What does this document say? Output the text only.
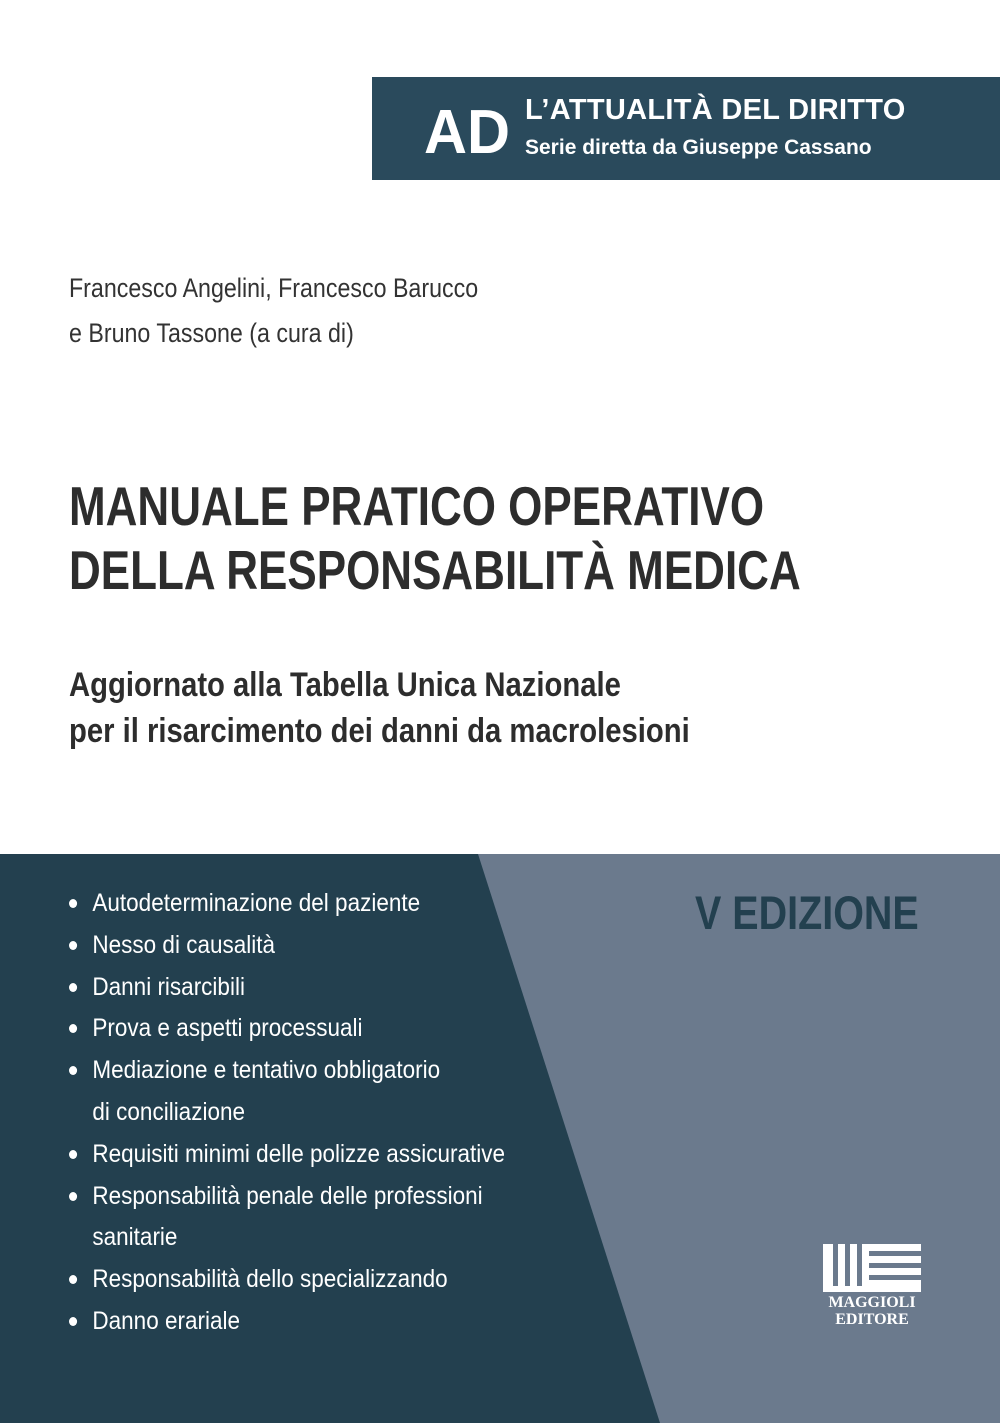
AD L’ATTUALITÀ DEL DIRITTO

Serie diretta da Giuseppe Cassano

Francesco Angelini, Francesco Barucco
e Bruno Tassone (a cura di)
MANUALE PRATICO OPERATIVO
DELLA RESPONSABILITÀ MEDICA
Aggiornato alla Tabella Unica Nazionale
per il risarcimento dei danni da macrolesioni

V EDIZIONE

Autodeterminazione del paziente
Nesso di causalità
Danni risarcibili
Prova e aspetti processuali
Mediazione e tentativo obbligatorio
di conciliazione
Requisiti minimi delle polizze assicurative
Responsabilità penale delle professioni
sanitarie
Responsabilità dello specializzando
Danno erariale
MAGGIOLI
EDITORE
